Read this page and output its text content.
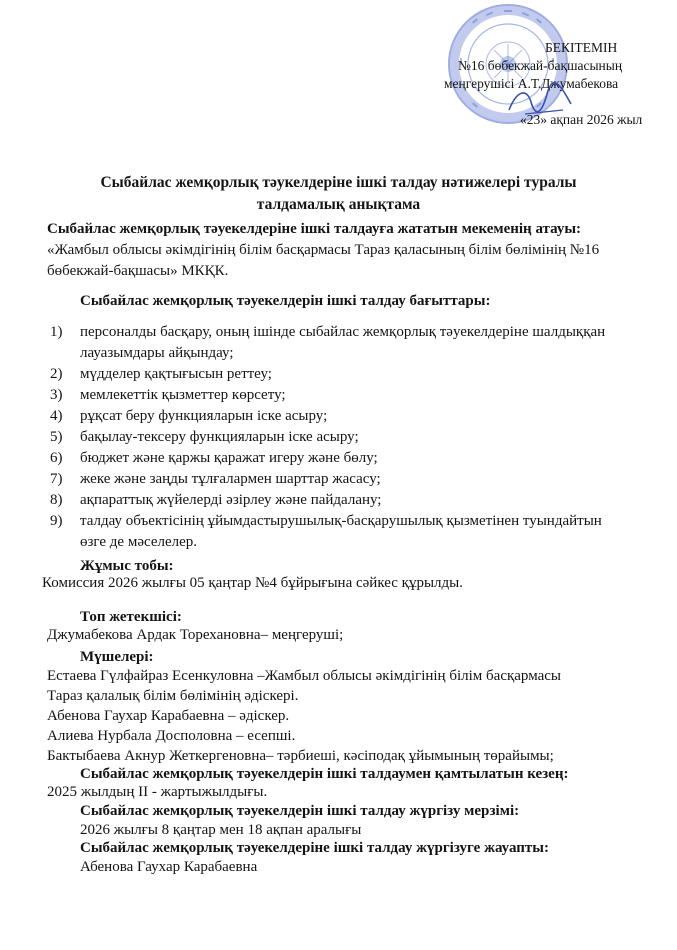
БЕКІТЕМІН
№16 бөбекжай-бақшасының
меңгерушісі А.Т.Джумабекова
«23» ақпан 2026 жыл
Сыбайлас жемқорлық тәукелдеріне ішкі талдау нәтижелері туралы
талдамалық анықтама
Сыбайлас жемқорлық тәуекелдеріне ішкі талдауға жататын мекеменің атауы: «Жамбыл облысы әкімдігінің білім басқармасы Тараз қаласының білім бөлімінің №16 бөбекжай-бақшасы» МКҚК.
Сыбайлас жемқорлық тәуекелдерін ішкі талдау бағыттары:
1)	персоналды басқару, оның ішінде сыбайлас жемқорлық тәуекелдеріне шалдыққан лауазымдары айқындау;
2)	мүдделер қақтығысын реттеу;
3)	мемлекеттік қызметтер көрсету;
4)	рұқсат беру функцияларын іске асыру;
5)	бақылау-тексеру функцияларын іске асыру;
6)	бюджет және қаржы қаражат игеру және бөлу;
7)	жеке және заңды тұлғалармен шарттар жасасу;
8)	ақпараттық жүйелерді әзірлеу және пайдалану;
9)	талдау объектісінің ұйымдастырушылық-басқарушылық қызметінен туындайтын өзге де мәселелер.
Жұмыс тобы:
Комиссия 2026 жылғы 05 қаңтар №4 бұйрығына сәйкес құрылды.
Топ жетекшісі:
Джумабекова Ардак Торехановна– меңгеруші;
Мүшелері:
Естаева Гүлфайраз Есенкуловна –Жамбыл облысы әкімдігінің білім басқармасы
Тараз қалалық білім бөлімінің әдіскері.
Абенова Гаухар Карабаевна – әдіскер.
Алиева Нурбала Досполовна – есепші.
Бактыбаева Акнур Жеткергеновна– тәрбиеші, кәсіподақ ұйымының төрайымы;
Сыбайлас жемқорлық тәуекелдерін ішкі талдаумен қамтылатын кезең:
2025 жылдың II - жартыжылдығы.
Сыбайлас жемқорлық тәуекелдерін ішкі талдау жүргізу мерзімі:
2026 жылғы 8 қаңтар мен 18 ақпан аралығы
Сыбайлас жемқорлық тәуекелдеріне ішкі талдау жүргізуге жауапты:
Абенова Гаухар Карабаевна
